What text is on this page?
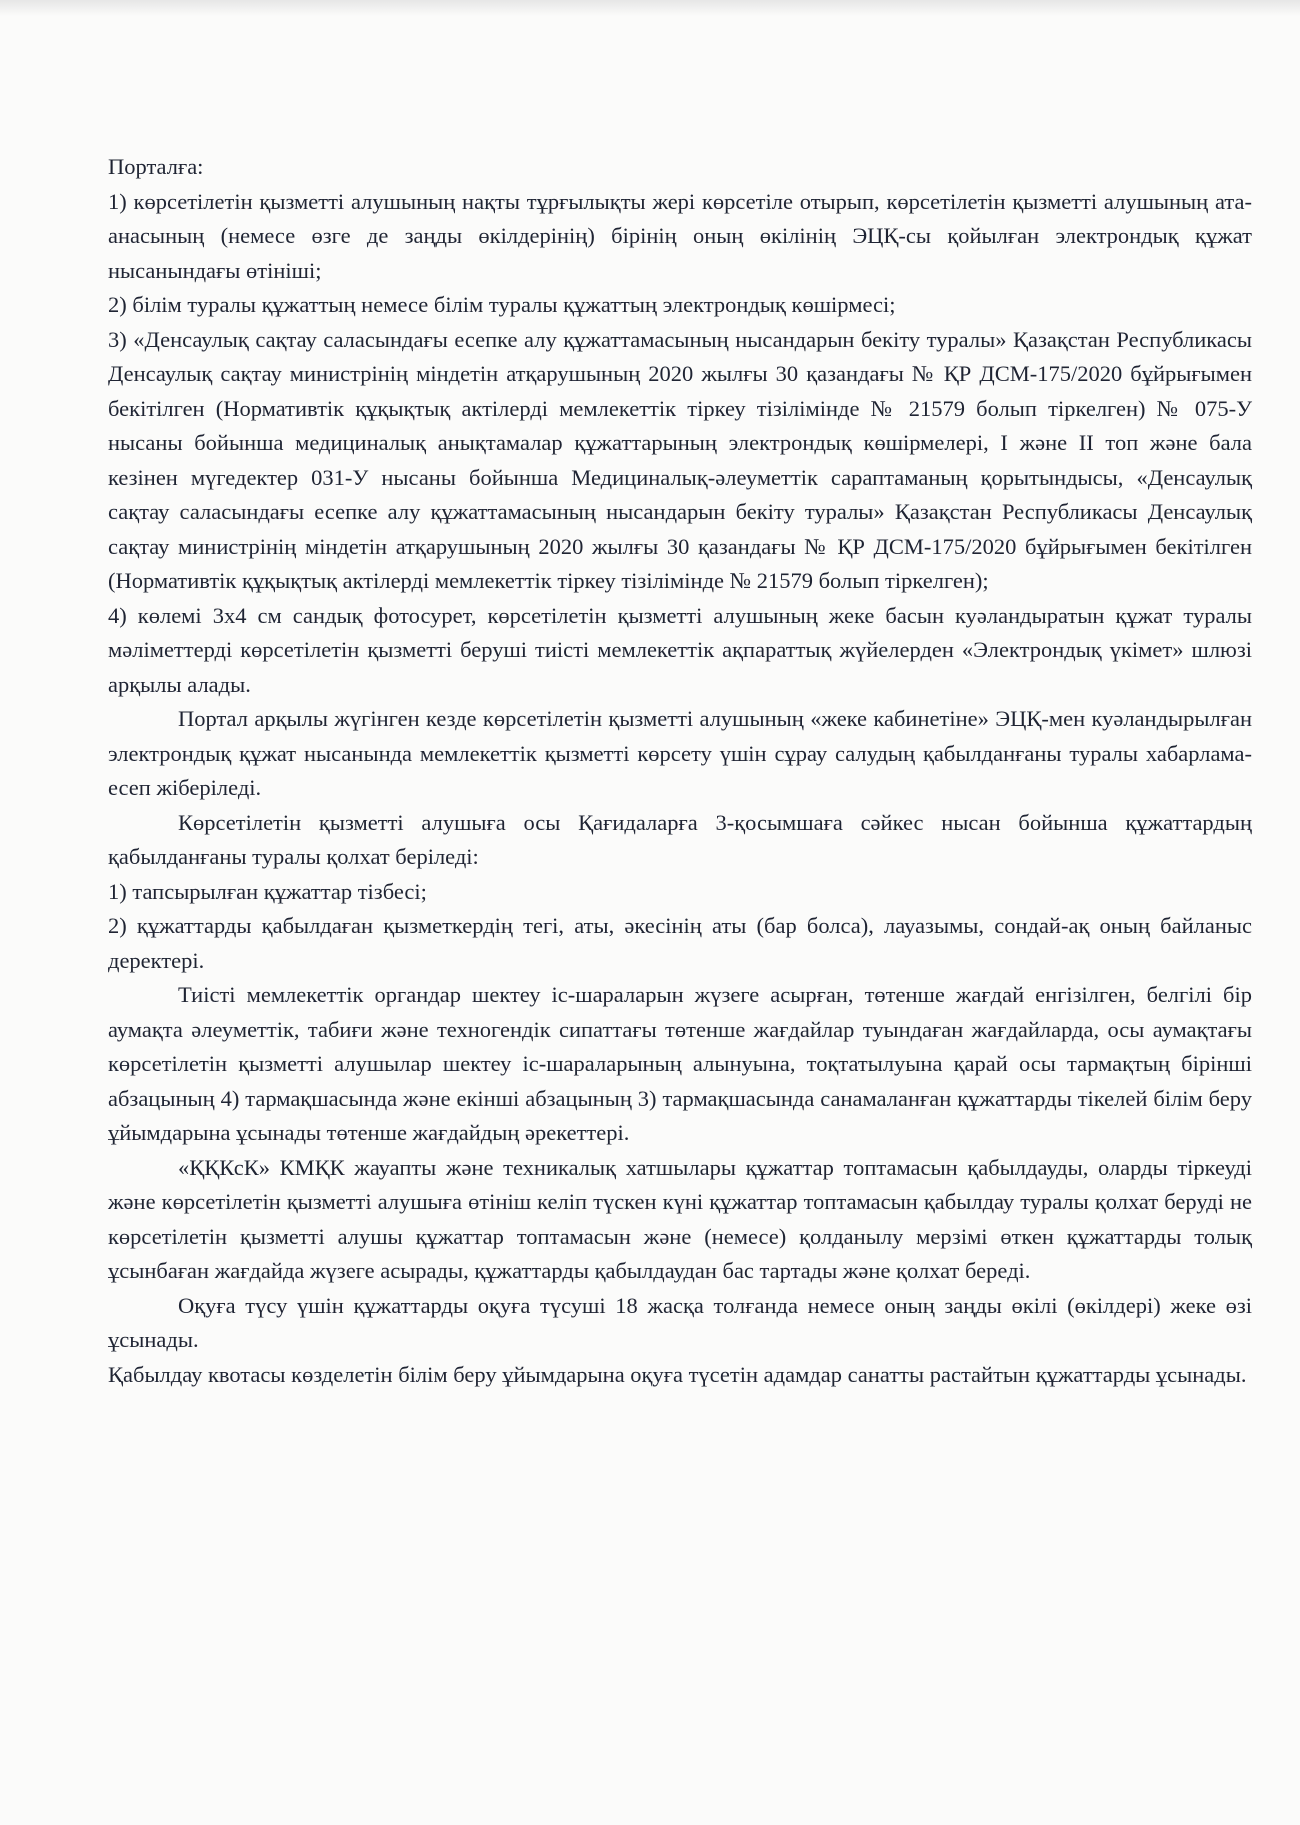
Порталға:

1) көрсетілетін қызметті алушының нақты тұрғылықты жері көрсетіле отырып, көрсетілетін қызметті алушының ата-анасының (немесе өзге де заңды өкілдерінің) бірінің оның өкілінің ЭЦҚ-сы қойылған электрондық құжат нысанындағы өтініші;

2) білім туралы құжаттың немесе білім туралы құжаттың электрондық көшірмесі;

3) «Денсаулық сақтау саласындағы есепке алу құжаттамасының нысандарын бекіту туралы» Қазақстан Республикасы Денсаулық сақтау министрінің міндетін атқарушының 2020 жылғы 30 қазандағы № ҚР ДСМ-175/2020 бұйрығымен бекітілген (Нормативтік құқықтық актілерді мемлекеттік тіркеу тізілімінде № 21579 болып тіркелген) № 075-У нысаны бойынша медициналық анықтамалар құжаттарының электрондық көшірмелері, I және II топ және бала кезінен мүгедектер 031-У нысаны бойынша Медициналық-әлеуметтік сараптаманың қорытындысы, «Денсаулық сақтау саласындағы есепке алу құжаттамасының нысандарын бекіту туралы» Қазақстан Республикасы Денсаулық сақтау министрінің міндетін атқарушының 2020 жылғы 30 қазандағы № ҚР ДСМ-175/2020 бұйрығымен бекітілген (Нормативтік құқықтық актілерді мемлекеттік тіркеу тізілімінде № 21579 болып тіркелген);

4) көлемі 3х4 см сандық фотосурет, көрсетілетін қызметті алушының жеке басын куәландыратын құжат туралы мәліметтерді көрсетілетін қызметті беруші тиісті мемлекеттік ақпараттық жүйелерден «Электрондық үкімет» шлюзі арқылы алады.

Портал арқылы жүгінген кезде көрсетілетін қызметті алушының «жеке кабинетіне» ЭЦҚ-мен куәландырылған электрондық құжат нысанында мемлекеттік қызметті көрсету үшін сұрау салудың қабылданғаны туралы хабарлама-есеп жіберіледі.

Көрсетілетін қызметті алушыға осы Қағидаларға 3-қосымшаға сәйкес нысан бойынша құжаттардың қабылданғаны туралы қолхат беріледі:

1) тапсырылған құжаттар тізбесі;

2) құжаттарды қабылдаған қызметкердің тегі, аты, әкесінің аты (бар болса), лауазымы, сондай-ақ оның байланыс деректері.

Тиісті мемлекеттік органдар шектеу іс-шараларын жүзеге асырған, төтенше жағдай енгізілген, белгілі бір аумақта әлеуметтік, табиғи және техногендік сипаттағы төтенше жағдайлар туындаған жағдайларда, осы аумақтағы көрсетілетін қызметті алушылар шектеу іс-шараларының алынуына, тоқтатылуына қарай осы тармақтың бірінші абзацының 4) тармақшасында және екінші абзацының 3) тармақшасында санамаланған құжаттарды тікелей білім беру ұйымдарына ұсынады төтенше жағдайдың әрекеттері.

«ҚҚКсК» КМҚК жауапты және техникалық хатшылары құжаттар топтамасын қабылдауды, оларды тіркеуді және көрсетілетін қызметті алушыға өтініш келіп түскен күні құжаттар топтамасын қабылдау туралы қолхат беруді не көрсетілетін қызметті алушы құжаттар топтамасын және (немесе) қолданылу мерзімі өткен құжаттарды толық ұсынбаған жағдайда жүзеге асырады, құжаттарды қабылдаудан бас тартады және қолхат береді.

Оқуға түсу үшін құжаттарды оқуға түсуші 18 жасқа толғанда немесе оның заңды өкілі (өкілдері) жеке өзі ұсынады.

Қабылдау квотасы көзделетін білім беру ұйымдарына оқуға түсетін адамдар санатты растайтын құжаттарды ұсынады.
